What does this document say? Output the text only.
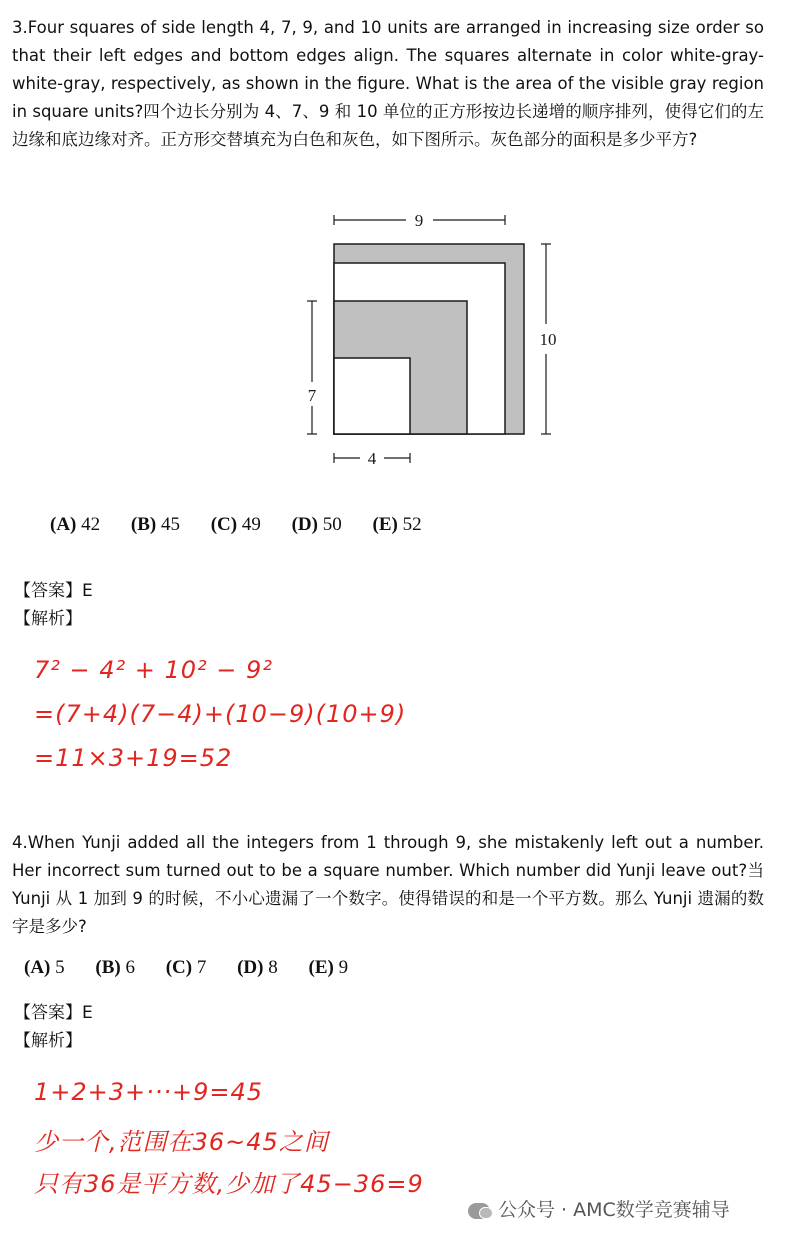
3.Four squares of side length 4, 7, 9, and 10 units are arranged in increasing size order so that their left edges and bottom edges align. The squares alternate in color white-gray-white-gray, respectively, as shown in the figure. What is the area of the visible gray region in square units?四个边长分别为 4、7、9 和 10 单位的正方形按边长递增的顺序排列，使得它们的左边缘和底边缘对齐。正方形交替填充为白色和灰色，如下图所示。灰色部分的面积是多少平方?
9
10
7
4
(A) 42 (B) 45 (C) 49 (D) 50 (E) 52
【答案】E
【解析】
7² − 4² + 10² − 9²
=(7+4)(7−4)+(10−9)(10+9)
=11×3+19=52
4.When Yunji added all the integers from 1 through 9, she mistakenly left out a number. Her incorrect sum turned out to be a square number. Which number did Yunji leave out?当 Yunji 从 1 加到 9 的时候，不小心遗漏了一个数字。使得错误的和是一个平方数。那么 Yunji 遗漏的数字是多少?
(A) 5 (B) 6 (C) 7 (D) 8 (E) 9
【答案】E
【解析】
1+2+3+···+9=45
少一个,范围在36~45之间
只有36是平方数,少加了45−36=9
公众号 · AMC数学竞赛辅导
